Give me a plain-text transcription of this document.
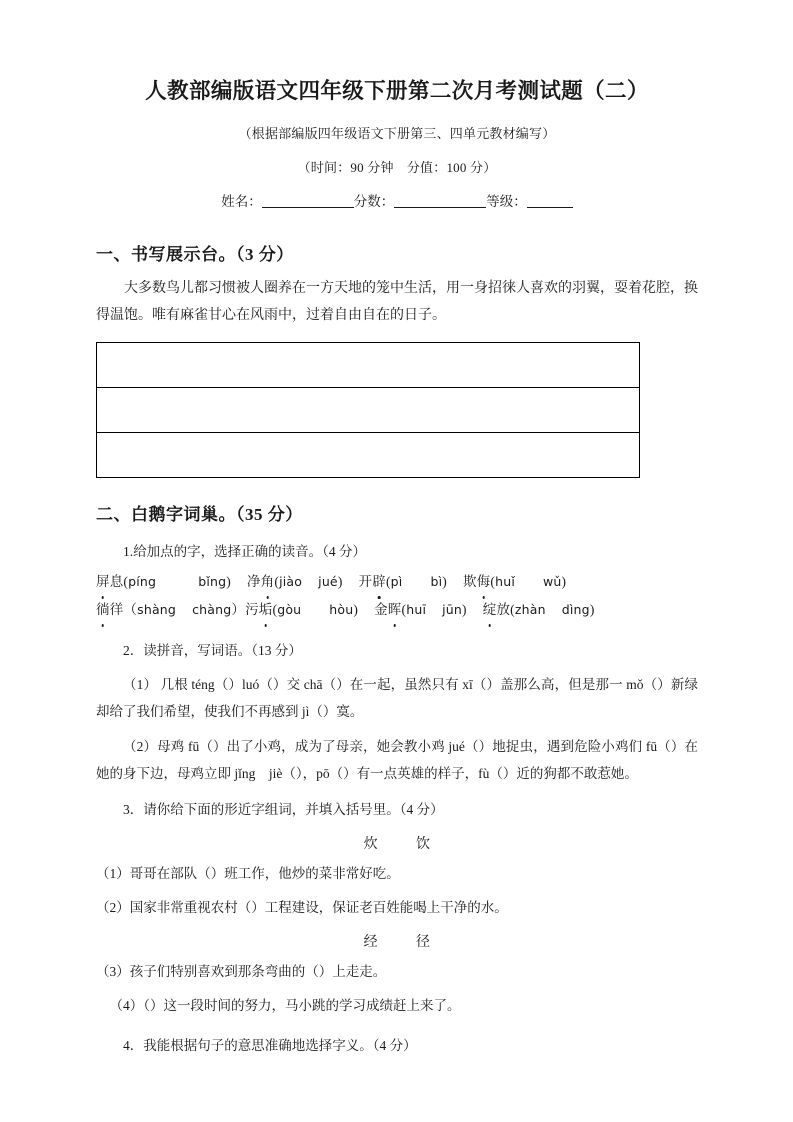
人教部编版语文四年级下册第二次月考测试题（二）
（根据部编版四年级语文下册第三、四单元教材编写）
（时间：90 分钟　分值：100 分）
姓名：	分数：	等级：
一、书写展示台。（3 分）
大多数鸟儿都习惯被人圈养在一方天地的笼中生活，用一身招徕人喜欢的羽翼，耍着花腔，换得温饱。唯有麻雀甘心在风雨中，过着自由自在的日子。
二、白鹅字词巢。（35 分）
1.给加点的字，选择正确的读音。（4 分）
屏息(píng	bǐng) 净角(jiào jué) 开辟(pì bì) 欺侮(huǐ wǔ)
徜徉（shàng chàng）污垢(gòu hòu) 金晖(huī jūn) 绽放(zhàn dìng)
2．读拼音，写词语。（13 分）
（1） 几根 téng（）luó（）交 chā（）在一起，虽然只有 xī（）盖那么高，但是那一 mǒ（）新绿却给了我们希望，使我们不再感到 jì（）寞。
（2）母鸡 fū（）出了小鸡，成为了母亲，她会教小鸡 jué（）地捉虫，遇到危险小鸡们 fū（）在她的身下边，母鸡立即 jǐng　jiè（），pō（）有一点英雄的样子，fù（）近的狗都不敢惹她。
3．请你给下面的形近字组词，并填入括号里。（4 分）
炊	饮
（1）哥哥在部队（）班工作，他炒的菜非常好吃。
（2）国家非常重视农村（）工程建设，保证老百姓能喝上干净的水。
经	径
（3）孩子们特别喜欢到那条弯曲的（）上走走。
（4）（）这一段时间的努力，马小跳的学习成绩赶上来了。
4．我能根据句子的意思准确地选择字义。（4 分）
